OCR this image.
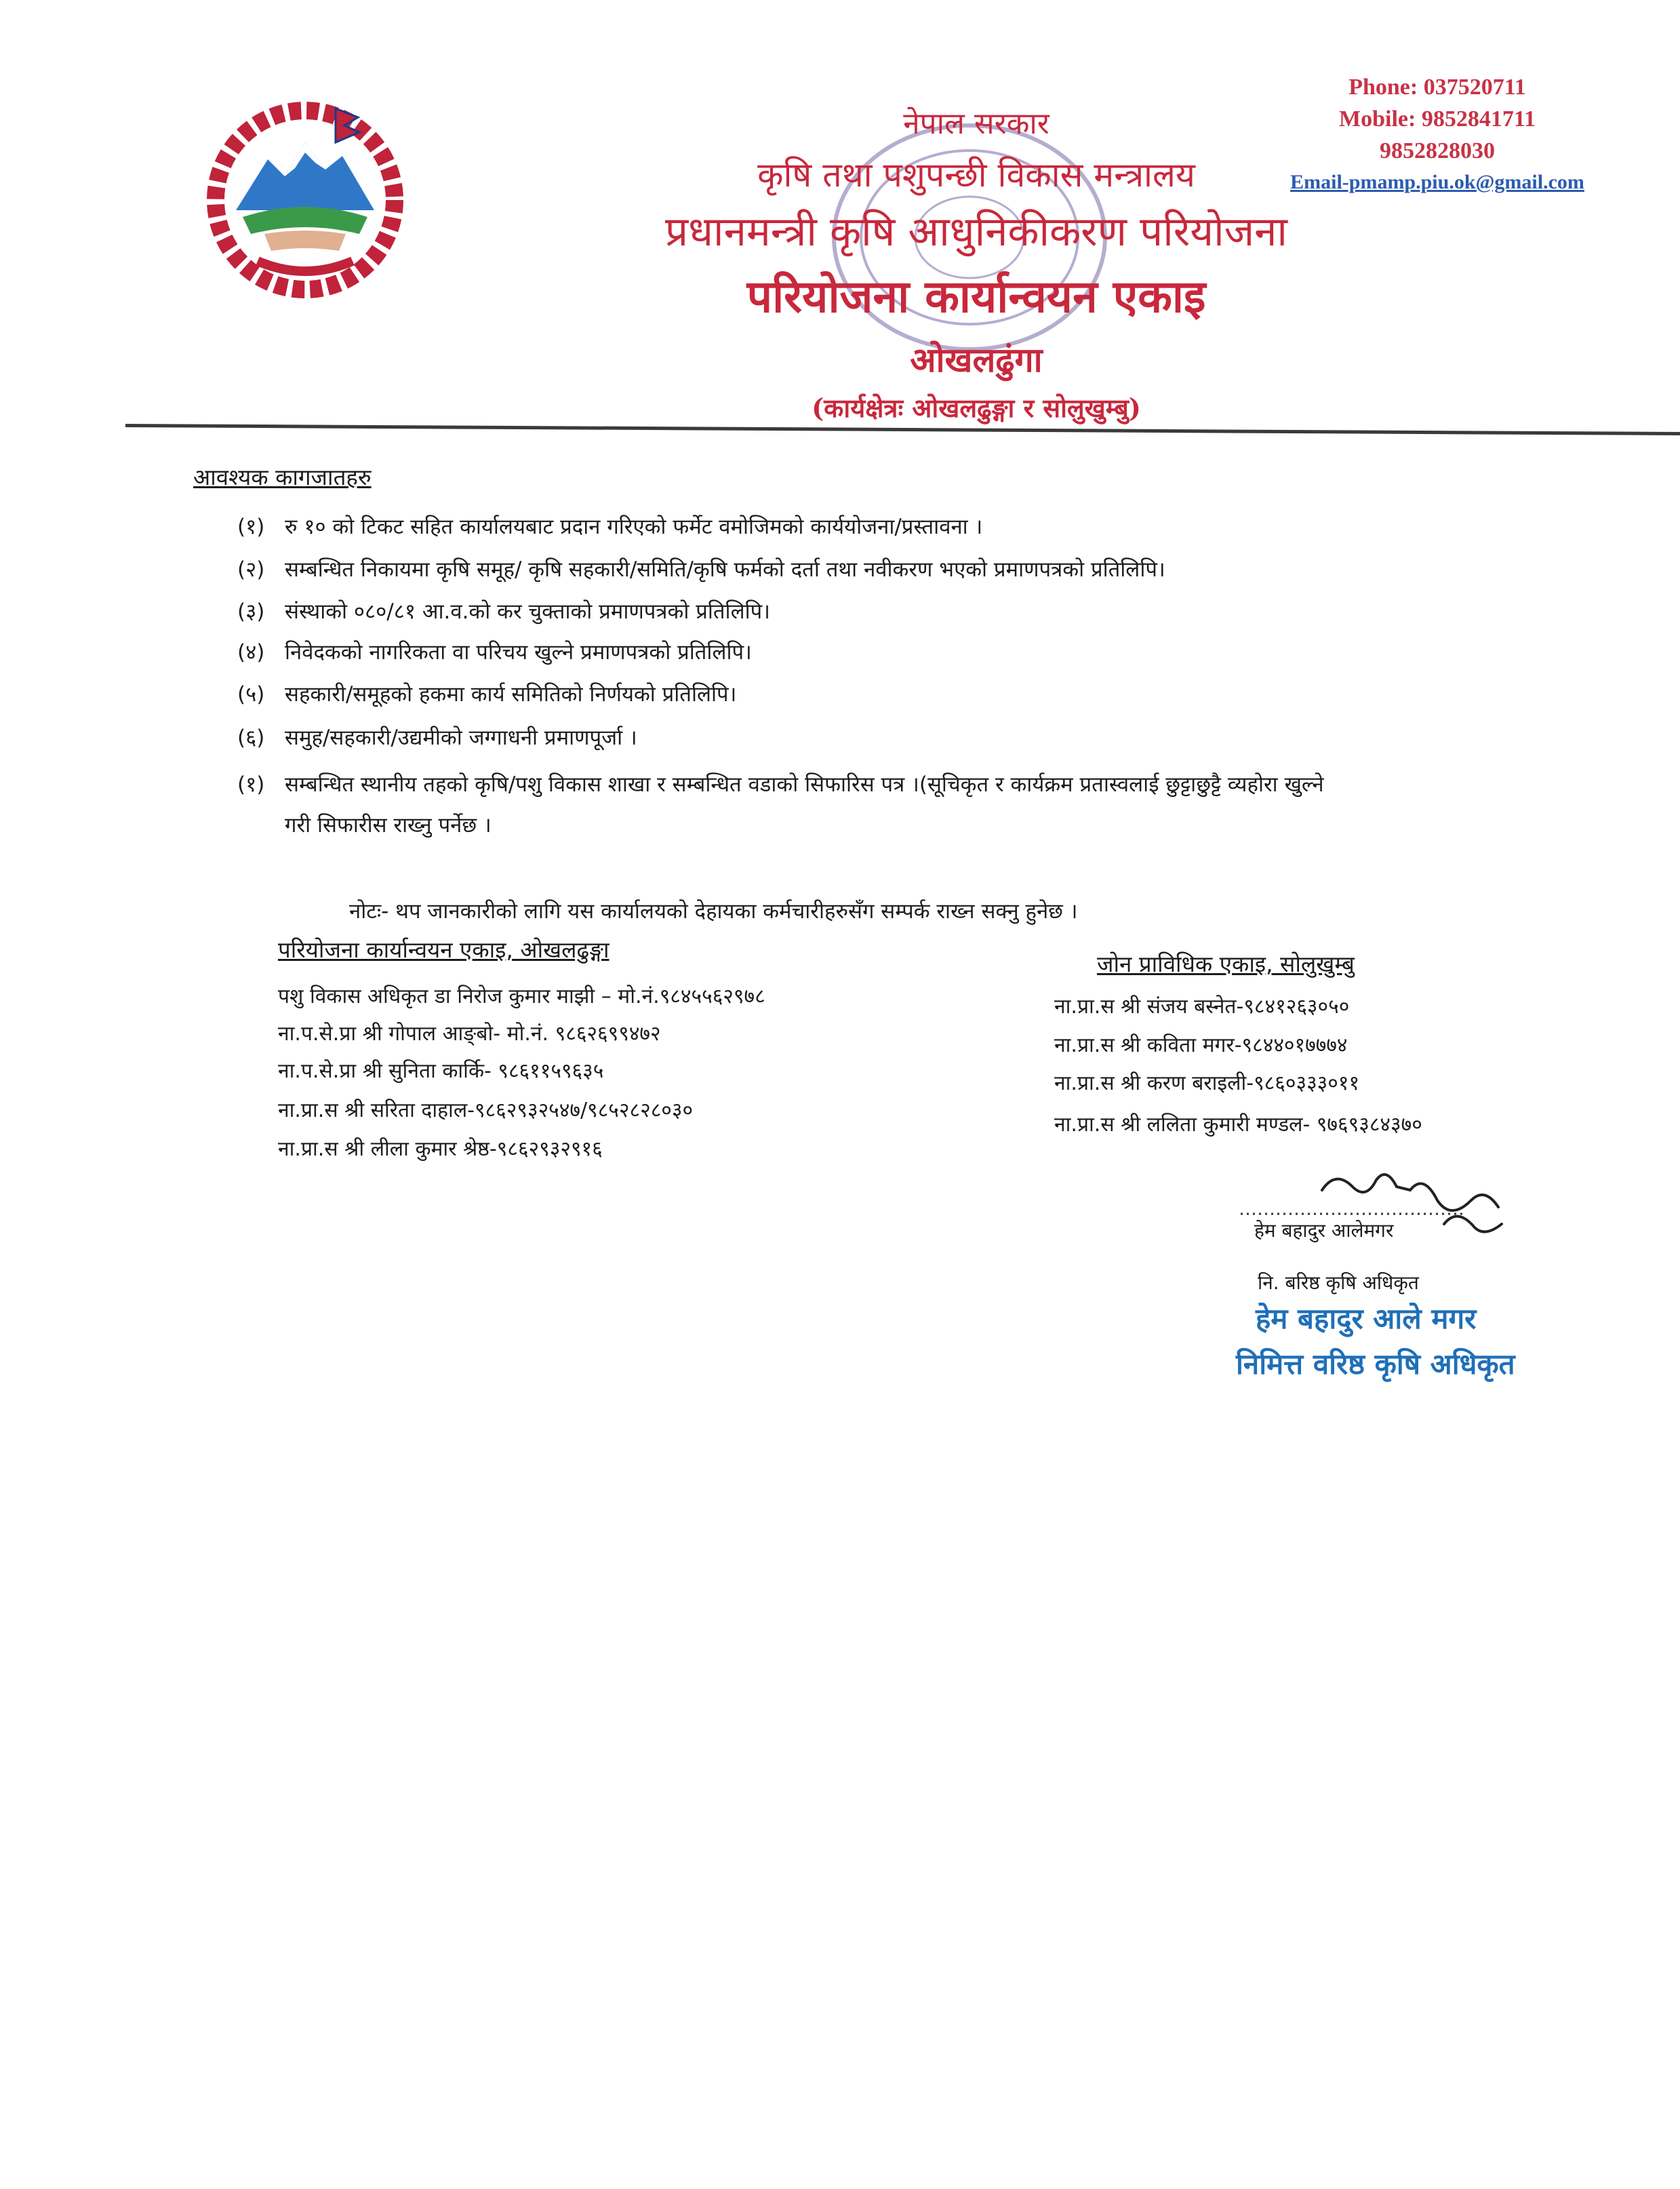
नेपाल सरकार
कृषि तथा पशुपन्छी विकास मन्त्रालय
प्रधानमन्त्री कृषि आधुनिकीकरण परियोजना
परियोजना कार्यान्वयन एकाइ
ओखलढुंगा
(कार्यक्षेत्रः ओखलढुङ्गा र सोलुखुम्बु)
Phone: 037520711
Mobile: 9852841711
9852828030
Email-pmamp.piu.ok@gmail.com
आवश्यक कागजातहरु
(१) रु १० को टिकट सहित कार्यालयबाट प्रदान गरिएको फर्मेट वमोजिमको कार्ययोजना/प्रस्तावना ।
(२) सम्बन्धित निकायमा कृषि समूह/ कृषि सहकारी/समिति/कृषि फर्मको दर्ता तथा नवीकरण भएको प्रमाणपत्रको प्रतिलिपि।
(३) संस्थाको ०८०/८१ आ.व.को कर चुक्ताको प्रमाणपत्रको प्रतिलिपि।
(४) निवेदकको नागरिकता वा परिचय खुल्ने प्रमाणपत्रको प्रतिलिपि।
(५) सहकारी/समूहको हकमा कार्य समितिको निर्णयको प्रतिलिपि।
(६) समुह/सहकारी/उद्यमीको जग्गाधनी प्रमाणपूर्जा ।
(१) सम्बन्धित स्थानीय तहको कृषि/पशु विकास शाखा र सम्बन्धित वडाको सिफारिस पत्र ।(सूचिकृत र कार्यक्रम प्रतास्वलाई छुट्टाछुट्टै व्यहोरा खुल्ने
गरी सिफारीस राख्नु पर्नेछ ।
नोटः- थप जानकारीको लागि यस कार्यालयको देहायका कर्मचारीहरुसँग सम्पर्क राख्न सक्नु हुनेछ ।
परियोजना कार्यान्वयन एकाइ, ओखलढुङ्गा
पशु विकास अधिकृत डा निरोज कुमार माझी – मो.नं.९८४५५६२९७८
ना.प.से.प्रा श्री गोपाल आङ्बो- मो.नं. ९८६२६९९४७२
ना.प.से.प्रा श्री सुनिता कार्कि- ९८६११५९६३५
ना.प्रा.स श्री सरिता दाहाल-९८६२९३२५४७/९८५२८२८०३०
ना.प्रा.स श्री लीला कुमार श्रेष्ठ-९८६२९३२९१६
जोन प्राविधिक एकाइ, सोलुखुम्बु
ना.प्रा.स श्री संजय बस्नेत-९८४१२६३०५०
ना.प्रा.स श्री कविता मगर-९८४४०१७७७४
ना.प्रा.स श्री करण बराइली-९८६०३३३०११
ना.प्रा.स श्री ललिता कुमारी मण्डल- ९७६९३८४३७०
हेम बहादुर आलेमगर
नि. बरिष्ठ कृषि अधिकृत
हेम बहादुर आले मगर
निमित्त वरिष्ठ कृषि अधिकृत
